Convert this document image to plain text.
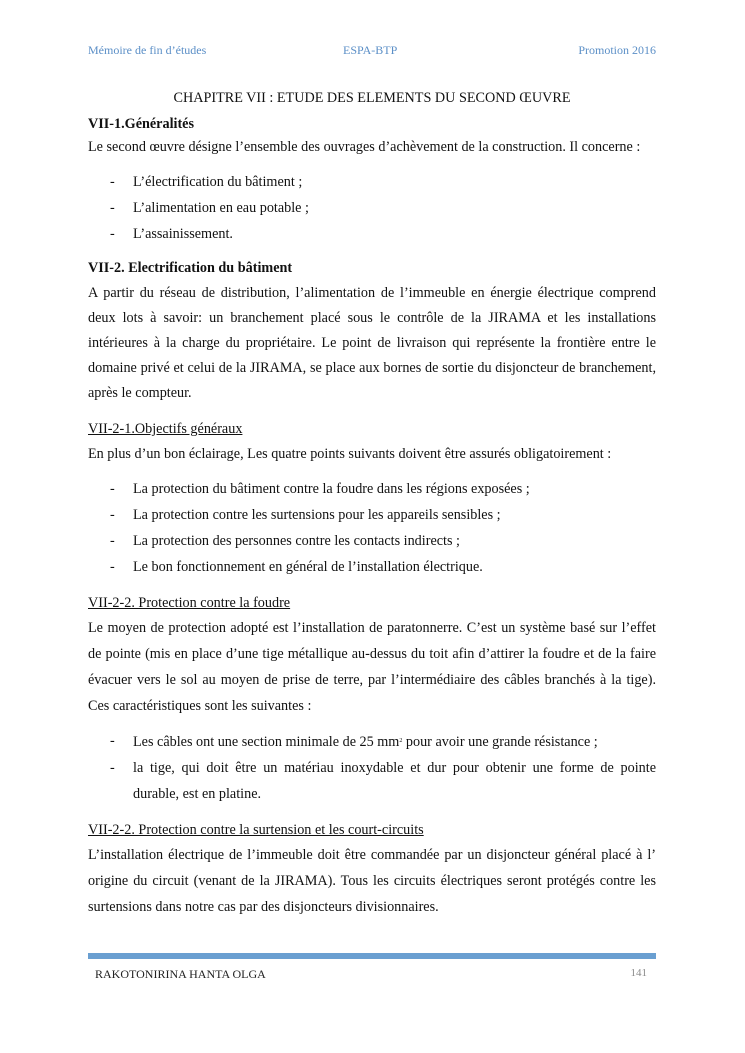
Mémoire de fin d’études	ESPA-BTP	Promotion 2016

CHAPITRE VII : ETUDE DES ELEMENTS DU SECOND ŒUVRE

VII-1.Généralités

Le second œuvre désigne l’ensemble des ouvrages d’achèvement de la construction. Il concerne :

- L’électrification du bâtiment ;
- L’alimentation en eau potable ;
- L’assainissement.

VII-2. Electrification du bâtiment

A partir du réseau de distribution, l’alimentation de l’immeuble en énergie électrique comprend deux lots à savoir: un branchement placé sous le contrôle de la JIRAMA et les installations intérieures à la charge du propriétaire. Le point de livraison qui représente la frontière entre le domaine privé et celui de la JIRAMA, se place aux bornes de sortie du disjoncteur de branchement, après le compteur.

VII-2-1.Objectifs généraux

En plus d’un bon éclairage, Les quatre points suivants doivent être assurés obligatoirement :

- La protection du bâtiment contre la foudre dans les régions exposées ;
- La protection contre les surtensions pour les appareils sensibles ;
- La protection des personnes contre les contacts indirects ;
- Le bon fonctionnement en général de l’installation électrique.

VII-2-2. Protection contre la foudre

Le moyen de protection adopté est l’installation de paratonnerre. C’est un système basé sur l’effet de pointe (mis en place d’une tige métallique au-dessus du toit afin d’attirer la foudre et de la faire évacuer vers le sol au moyen de prise de terre, par l’intermédiaire des câbles branchés à la tige). Ces caractéristiques sont les suivantes :

- Les câbles ont une section minimale de 25 $mm^2$ pour avoir une grande résistance ;
- la tige, qui doit être un matériau inoxydable et dur pour obtenir une forme de pointe durable, est en platine.

VII-2-2. Protection contre la surtension et les court-circuits

L’installation électrique de l’immeuble doit être commandée par un disjoncteur général placé à l’ origine du circuit (venant de la JIRAMA). Tous les circuits électriques seront protégés contre les surtensions dans notre cas par des disjoncteurs divisionnaires.

RAKOTONIRINA HANTA OLGA	141
